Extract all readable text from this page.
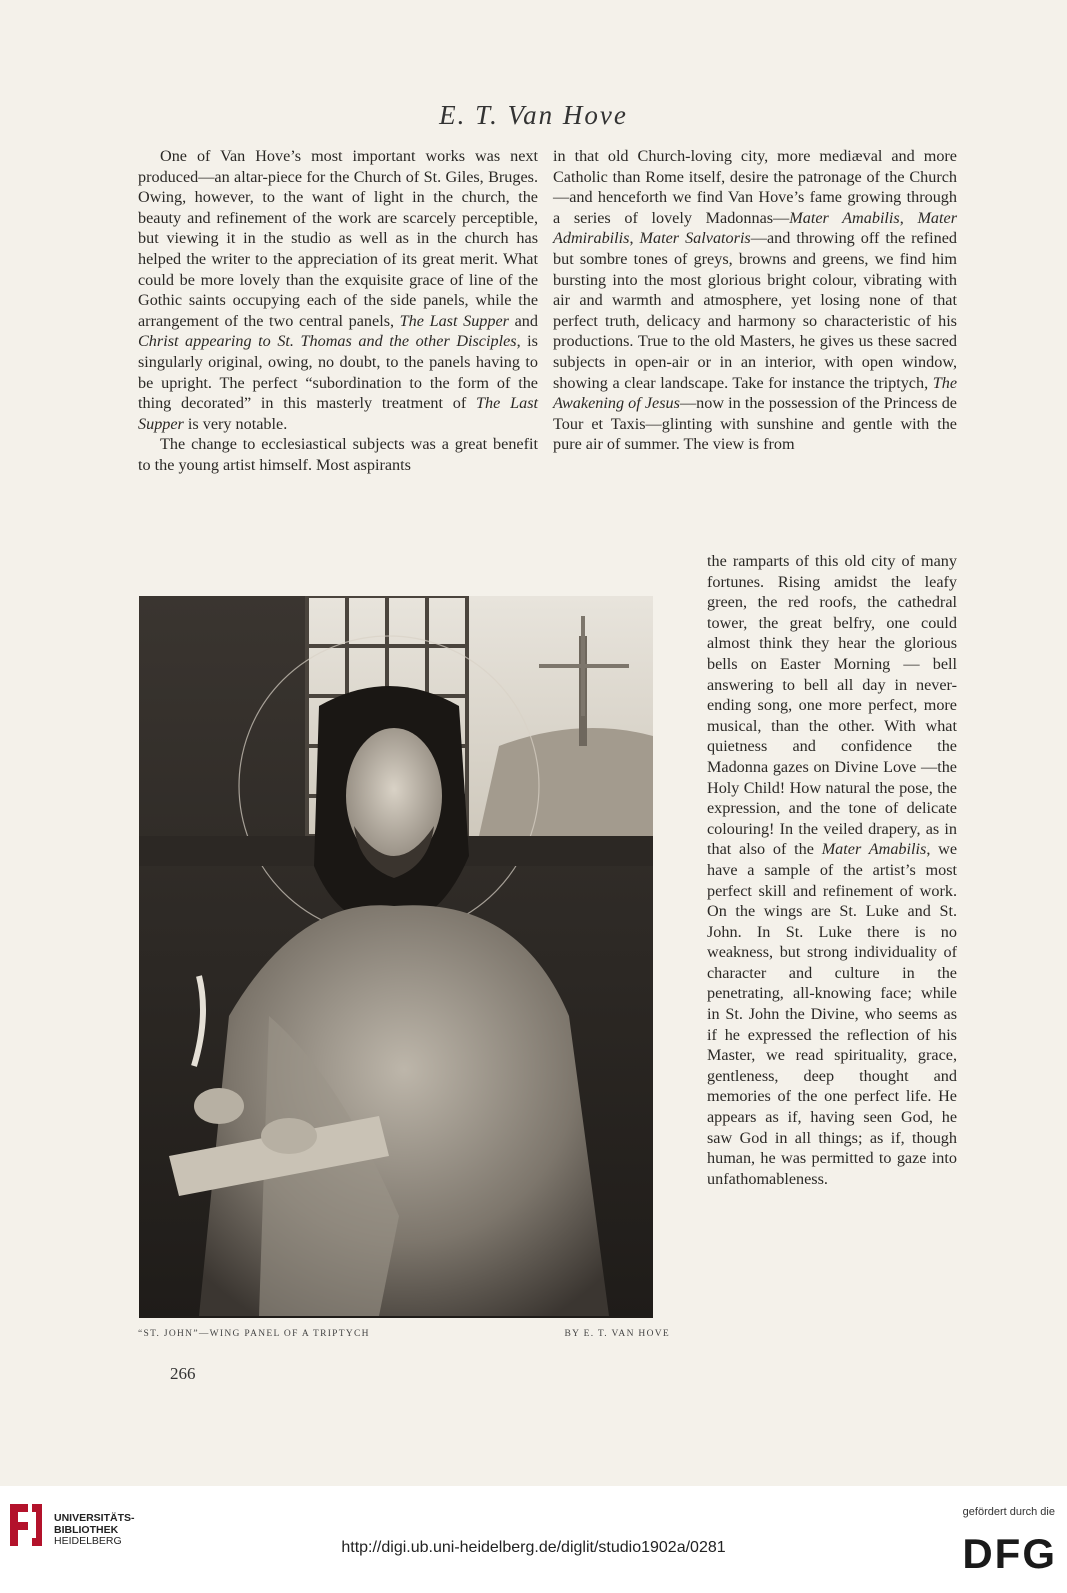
E. T. Van Hove

One of Van Hove’s most important works was next produced—an altar-piece for the Church of St. Giles, Bruges. Owing, however, to the want of light in the church, the beauty and refinement of the work are scarcely perceptible, but viewing it in the studio as well as in the church has helped the writer to the appreciation of its great merit. What could be more lovely than the exquisite grace of line of the Gothic saints occupying each of the side panels, while the arrangement of the two central panels, The Last Supper and Christ appearing to St. Thomas and the other Disciples, is singularly original, owing, no doubt, to the panels having to be upright. The perfect “subordination to the form of the thing decorated” in this masterly treatment of The Last Supper is very notable.

The change to ecclesiastical subjects was a great benefit to the young artist himself. Most aspirants

in that old Church-loving city, more mediæval and more Catholic than Rome itself, desire the patronage of the Church—and henceforth we find Van Hove’s fame growing through a series of lovely Madonnas—Mater Amabilis, Mater Admirabilis, Mater Salvatoris—and throwing off the refined but sombre tones of greys, browns and greens, we find him bursting into the most glorious bright colour, vibrating with air and warmth and atmosphere, yet losing none of that perfect truth, delicacy and harmony so characteristic of his productions. True to the old Masters, he gives us these sacred subjects in open-air or in an interior, with open window, showing a clear landscape. Take for instance the triptych, The Awakening of Jesus—now in the possession of the Princess de Tour et Taxis—glinting with sunshine and gentle with the pure air of summer. The view is from

the ramparts of this old city of many fortunes. Rising amidst the leafy green, the red roofs, the cathedral tower, the great belfry, one could almost think they hear the glorious bells on Easter Morning — bell answering to bell all day in never-ending song, one more perfect, more musical, than the other. With what quietness and confidence the Madonna gazes on Divine Love —the Holy Child! How natural the pose, the expression, and the tone of delicate colouring! In the veiled drapery, as in that also of the Mater Amabilis, we have a sample of the artist’s most perfect skill and refinement of work. On the wings are St. Luke and St. John. In St. Luke there is no weakness, but strong individuality of character and culture in the penetrating, all-knowing face; while in St. John the Divine, who seems as if he expressed the reflection of his Master, we read spirituality, grace, gentleness, deep thought and memories of the one perfect life. He appears as if, having seen God, he saw God in all things; as if, though human, he was permitted to gaze into unfathomableness.

“ST. JOHN”—WING PANEL OF A TRIPTYCH	BY E. T. VAN HOVE
266
UNIVERSITÄTS-
BIBLIOTHEK
HEIDELBERG	http://digi.ub.uni-heidelberg.de/diglit/studio1902a/0281
gefördert durch die
DFG
